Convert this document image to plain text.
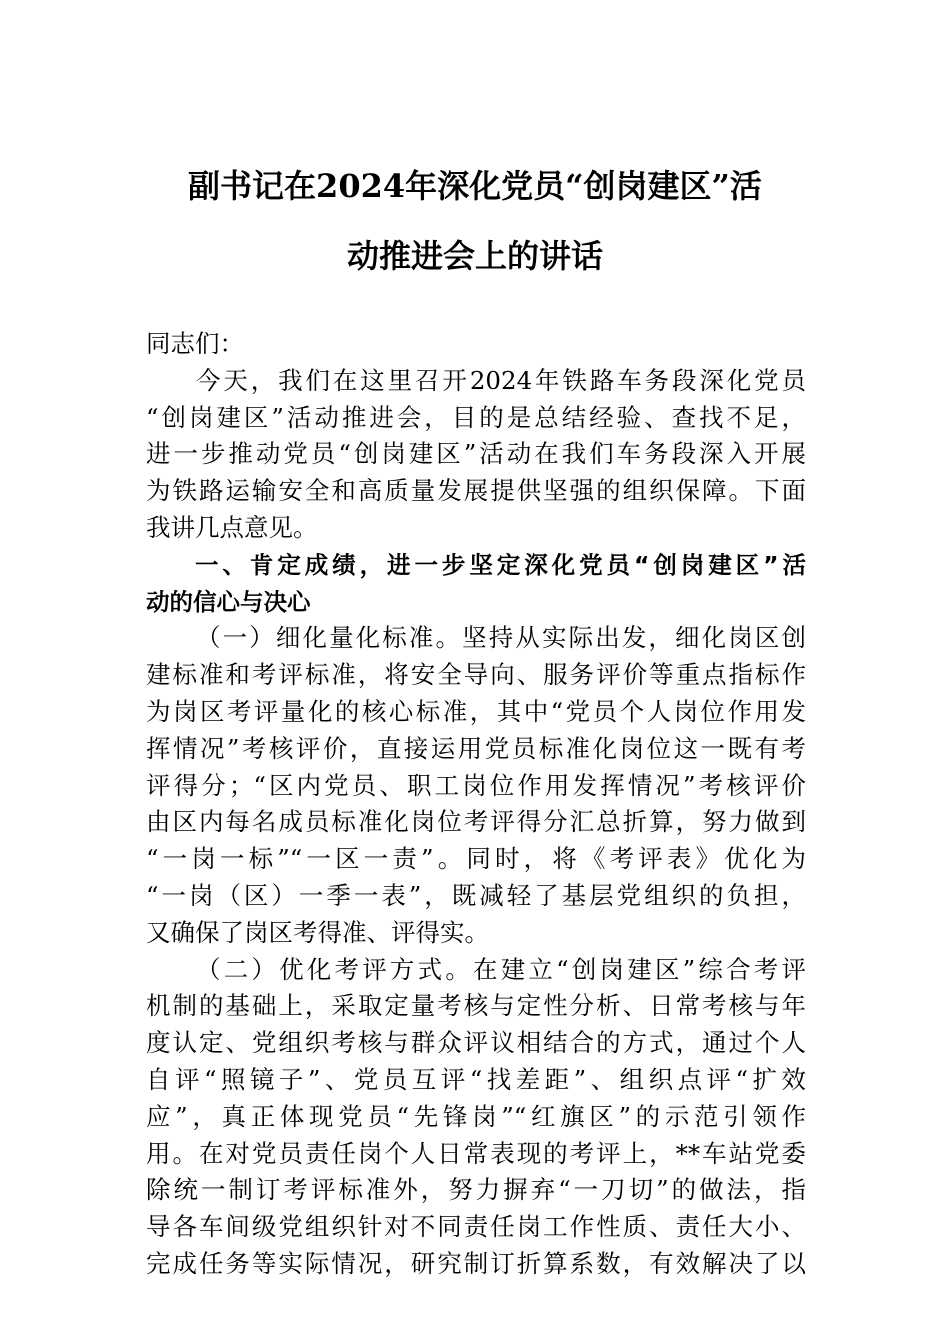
副书记在2024年深化党员“创岗建区”活
动推进会上的讲话
同志们：
今天，我们在这里召开2024年铁路车务段深化党员
“创岗建区”活动推进会，目的是总结经验、查找不足，
进一步推动党员“创岗建区”活动在我们车务段深入开展
为铁路运输安全和高质量发展提供坚强的组织保障。下面
我讲几点意见。
一、肯定成绩，进一步坚定深化党员“创岗建区”活
动的信心与决心
（一）细化量化标准。坚持从实际出发，细化岗区创
建标准和考评标准，将安全导向、服务评价等重点指标作
为岗区考评量化的核心标准，其中“党员个人岗位作用发
挥情况”考核评价，直接运用党员标准化岗位这一既有考
评得分；“区内党员、职工岗位作用发挥情况”考核评价
由区内每名成员标准化岗位考评得分汇总折算，努力做到
“一岗一标”“一区一责”。同时，将《考评表》优化为
“一岗（区）一季一表”，既减轻了基层党组织的负担，
又确保了岗区考得准、评得实。
（二）优化考评方式。在建立“创岗建区”综合考评
机制的基础上，采取定量考核与定性分析、日常考核与年
度认定、党组织考核与群众评议相结合的方式，通过个人
自评“照镜子”、党员互评“找差距”、组织点评“扩效
应”，真正体现党员“先锋岗”“红旗区”的示范引领作
用。在对党员责任岗个人日常表现的考评上，**车站党委
除统一制订考评标准外，努力摒弃“一刀切”的做法，指
导各车间级党组织针对不同责任岗工作性质、责任大小、
完成任务等实际情况，研究制订折算系数，有效解决了以
